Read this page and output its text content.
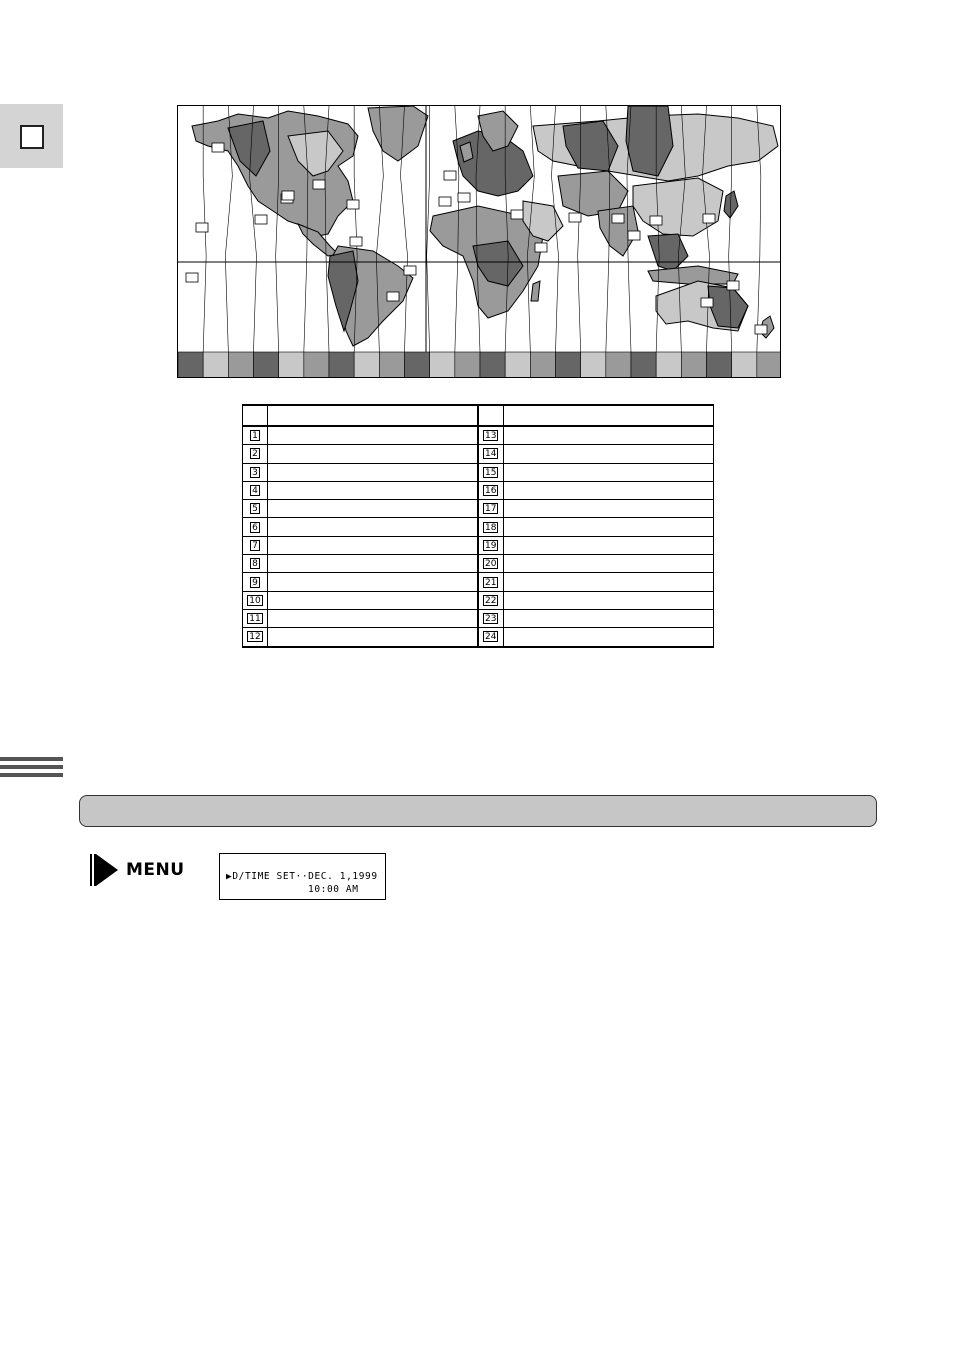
1		13	
2		14	
3		15	
4		16	
5		17	
6		18	
7		19	
8		20	
9		21	
10		22	
11		23	
12		24	
MENU	▶D/TIME SET··DEC. 1,1999
10:00 AM
